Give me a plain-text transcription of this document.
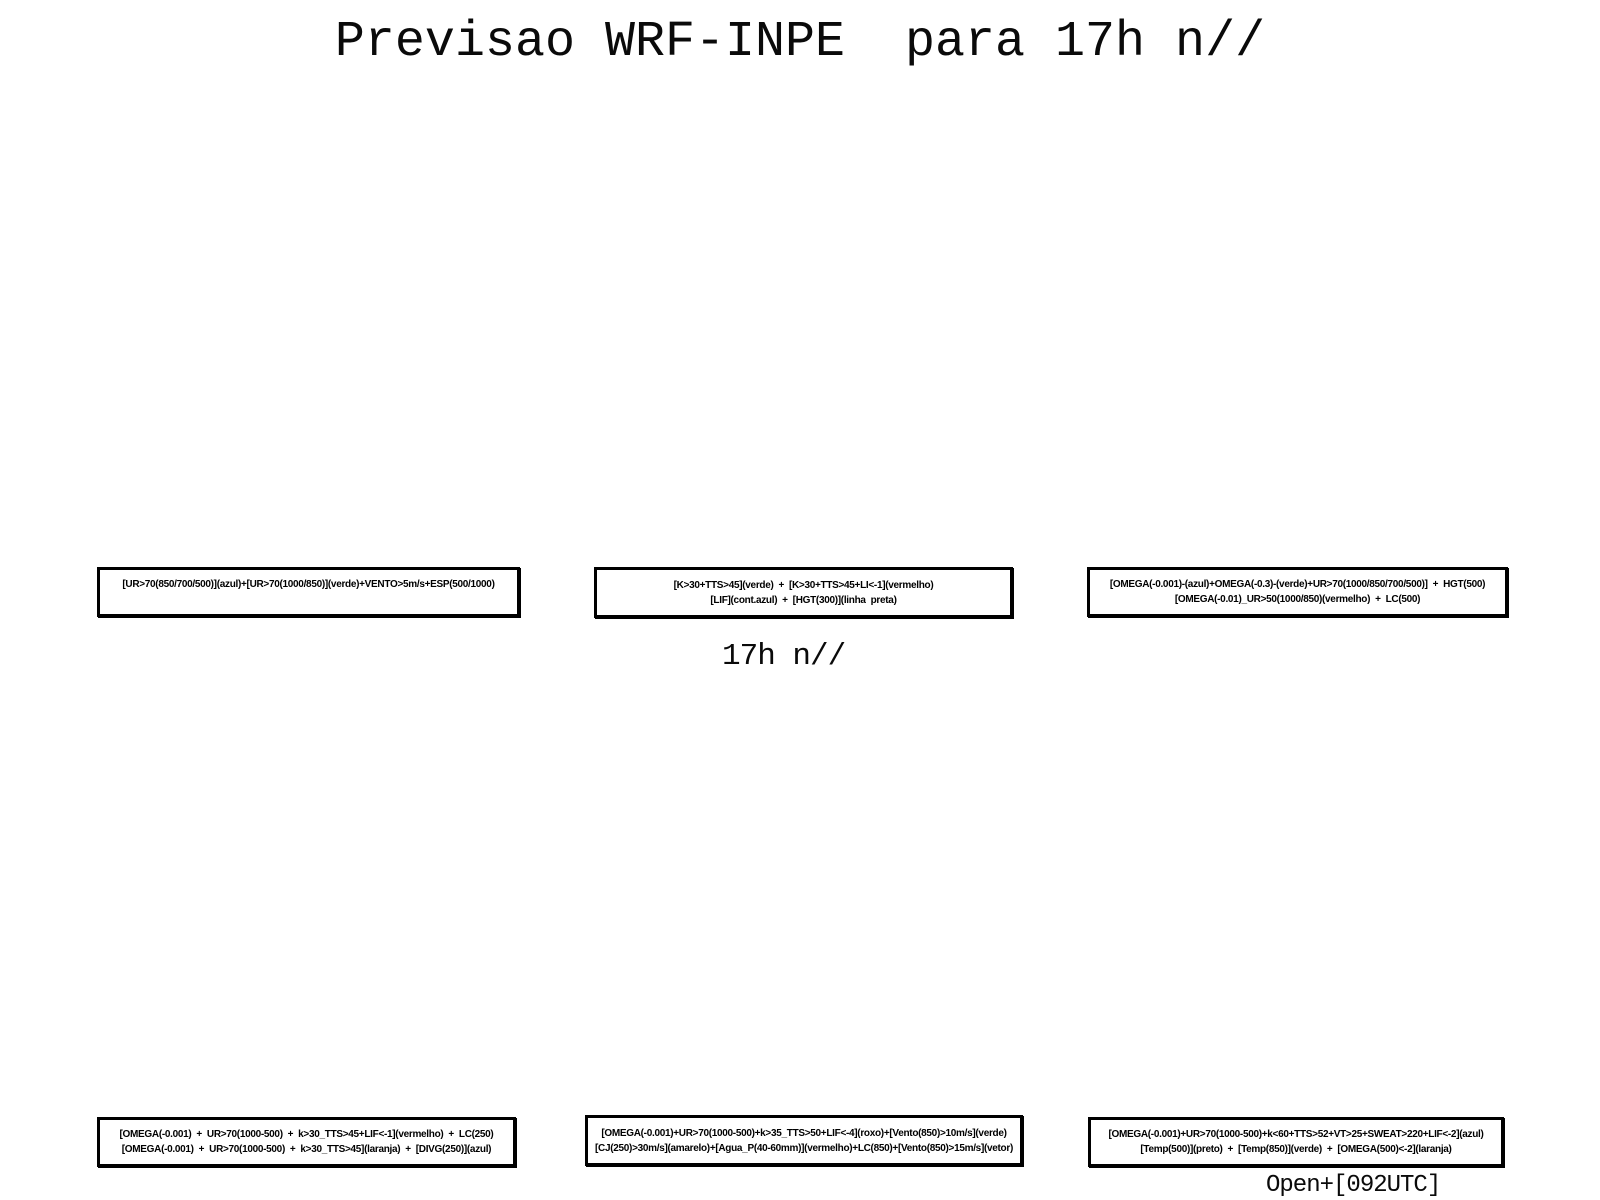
Previsao WRF-INPE  para 17h n//
[UR>70(850/700/500)](azul)+[UR>70(1000/850)](verde)+VENTO>5m/s+ESP(500/1000)	[K>30+TTS>45](verde)  +  [K>30+TTS>45+LI<-1](vermelho)
[LIF](cont.azul)  +  [HGT(300)](linha  preta)
[OMEGA(-0.001)-(azul)+OMEGA(-0.3)-(verde)+UR>70(1000/850/700/500)]  +  HGT(500)
[OMEGA(-0.01)_UR>50(1000/850)(vermelho)  +  LC(500)
17h n//
[OMEGA(-0.001)  +  UR>70(1000-500)  +  k>30_TTS>45+LIF<-1](vermelho)  +  LC(250)
[OMEGA(-0.001)  +  UR>70(1000-500)  +  k>30_TTS>45](laranja)  +  [DIVG(250)](azul)
[OMEGA(-0.001)+UR>70(1000-500)+k>35_TTS>50+LIF<-4](roxo)+[Vento(850)>10m/s](verde)
[CJ(250)>30m/s](amarelo)+[Agua_P(40-60mm)](vermelho)+LC(850)+[Vento(850)>15m/s](vetor)
[OMEGA(-0.001)+UR>70(1000-500)+k<60+TTS>52+VT>25+SWEAT>220+LIF<-2](azul)
[Temp(500)](preto)  +  [Temp(850)](verde)  +  [OMEGA(500)<-2](laranja)
Open+[092UTC]
